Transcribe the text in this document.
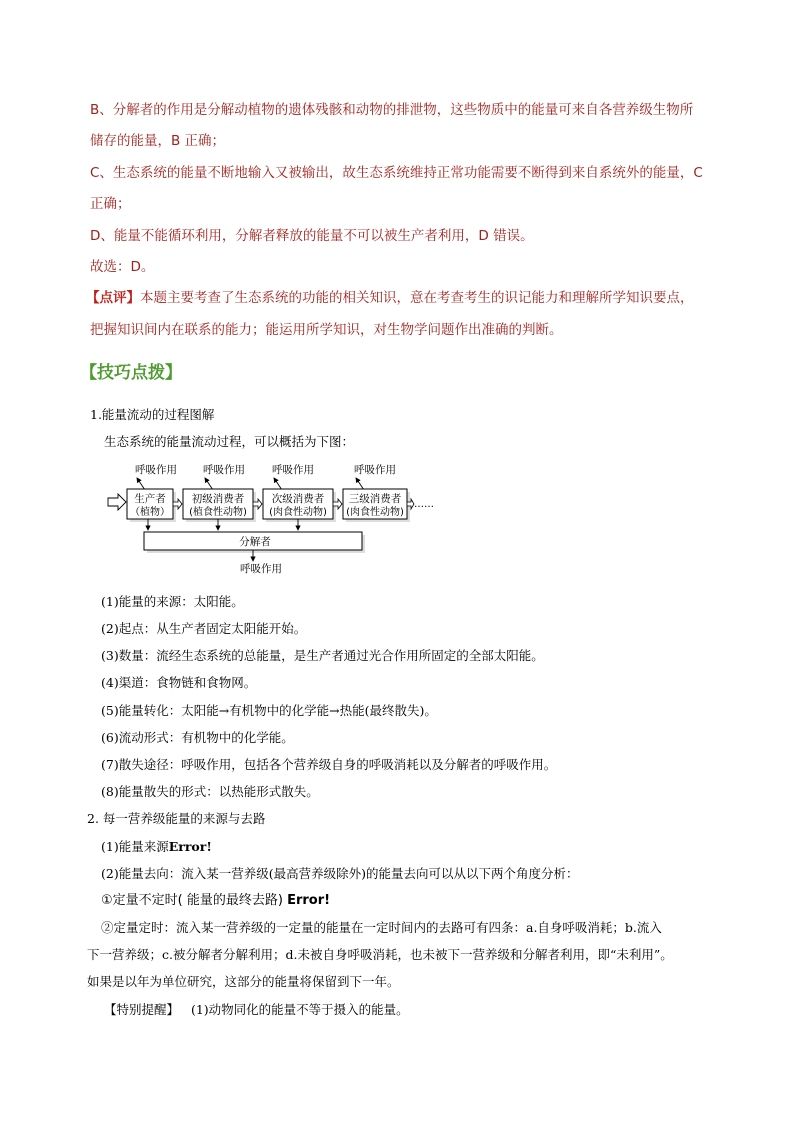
B、分解者的作用是分解动植物的遗体残骸和动物的排泄物，这些物质中的能量可来自各营养级生物所
储存的能量，B 正确；
C、生态系统的能量不断地输入又被输出，故生态系统维持正常功能需要不断得到来自系统外的能量，C
正确；
D、能量不能循环利用，分解者释放的能量不可以被生产者利用，D 错误。
故选：D。
【点评】本题主要考查了生态系统的功能的相关知识，意在考查考生的识记能力和理解所学知识要点，
把握知识间内在联系的能力；能运用所学知识，对生物学问题作出准确的判断。
【技巧点拨】
1.能量流动的过程图解
生态系统的能量流动过程，可以概括为下图：
呼吸作用 呼吸作用	呼吸作用	呼吸作用
生产者
（植物）
初级消费者
(植食性动物)
次级消费者
(肉食性动物)
三级消费者
(肉食性动物)
……
分解者
呼吸作用
(1)能量的来源：太阳能。
(2)起点：从生产者固定太阳能开始。
(3)数量：流经生态系统的总能量，是生产者通过光合作用所固定的全部太阳能。
(4)渠道：食物链和食物网。
(5)能量转化：太阳能→有机物中的化学能→热能(最终散失)。
(6)流动形式：有机物中的化学能。
(7)散失途径：呼吸作用，包括各个营养级自身的呼吸消耗以及分解者的呼吸作用。
(8)能量散失的形式：以热能形式散失。
2. 每一营养级能量的来源与去路
(1)能量来源Error!
(2)能量去向：流入某一营养级(最高营养级除外)的能量去向可以从以下两个角度分析：
①定量不定时( 能量的最终去路) Error!
②定量定时：流入某一营养级的一定量的能量在一定时间内的去路可有四条：a.自身呼吸消耗；b.流入
下一营养级；c.被分解者分解利用；d.未被自身呼吸消耗，也未被下一营养级和分解者利用，即“未利用”。
如果是以年为单位研究，这部分的能量将保留到下一年。
【特别提醒】 (1)动物同化的能量不等于摄入的能量。
